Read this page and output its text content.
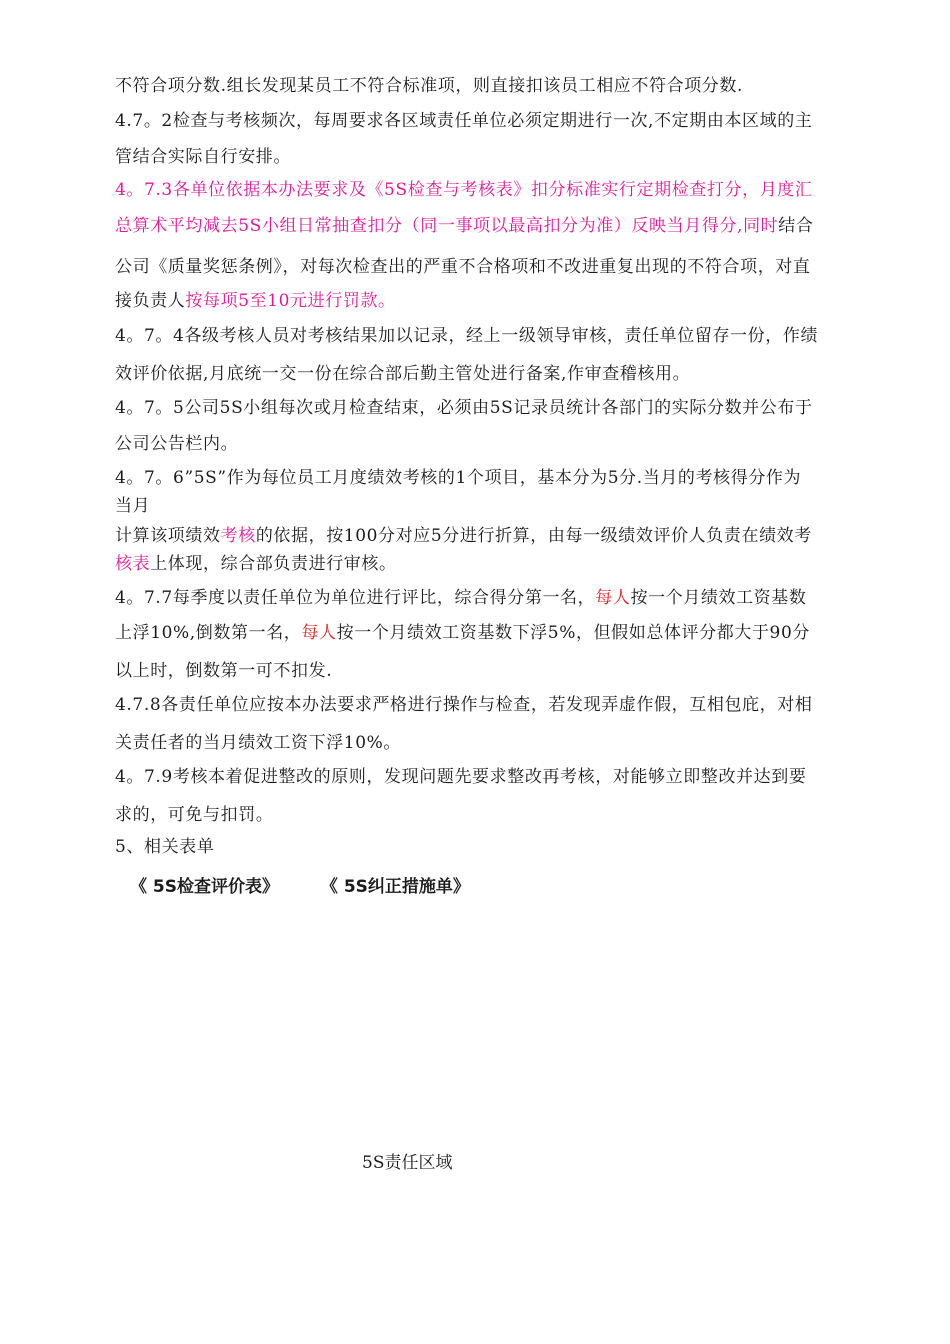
不符合项分数.组长发现某员工不符合标准项，则直接扣该员工相应不符合项分数.
4.7。2检查与考核频次，每周要求各区域责任单位必须定期进行一次,不定期由本区域的主
管结合实际自行安排。
4。7.3各单位依据本办法要求及《5S检查与考核表》扣分标准实行定期检查打分，月度汇
总算术平均减去5S小组日常抽查扣分（同一事项以最高扣分为准）反映当月得分,同时结合
公司《质量奖惩条例》，对每次检查出的严重不合格项和不改进重复出现的不符合项，对直
接负责人按每项5至10元进行罚款。
4。7。4各级考核人员对考核结果加以记录，经上一级领导审核，责任单位留存一份，作绩
效评价依据,月底统一交一份在综合部后勤主管处进行备案,作审查稽核用。
4。7。5公司5S小组每次或月检查结束，必须由5S记录员统计各部门的实际分数并公布于
公司公告栏内。
4。7。6”5S”作为每位员工月度绩效考核的1个项目，基本分为5分.当月的考核得分作为
当月
计算该项绩效考核的依据，按100分对应5分进行折算，由每一级绩效评价人负责在绩效考
核表上体现，综合部负责进行审核。
4。7.7每季度以责任单位为单位进行评比，综合得分第一名，每人按一个月绩效工资基数
上浮10%,倒数第一名，每人按一个月绩效工资基数下浮5%，但假如总体评分都大于90分
以上时，倒数第一可不扣发.
4.7.8各责任单位应按本办法要求严格进行操作与检查，若发现弄虚作假，互相包庇，对相
关责任者的当月绩效工资下浮10%。
4。7.9考核本着促进整改的原则，发现问题先要求整改再考核，对能够立即整改并达到要
求的，可免与扣罚。
5、相关表单
《 5S检查评价表》 《 5S纠正措施单》
5S责任区域
